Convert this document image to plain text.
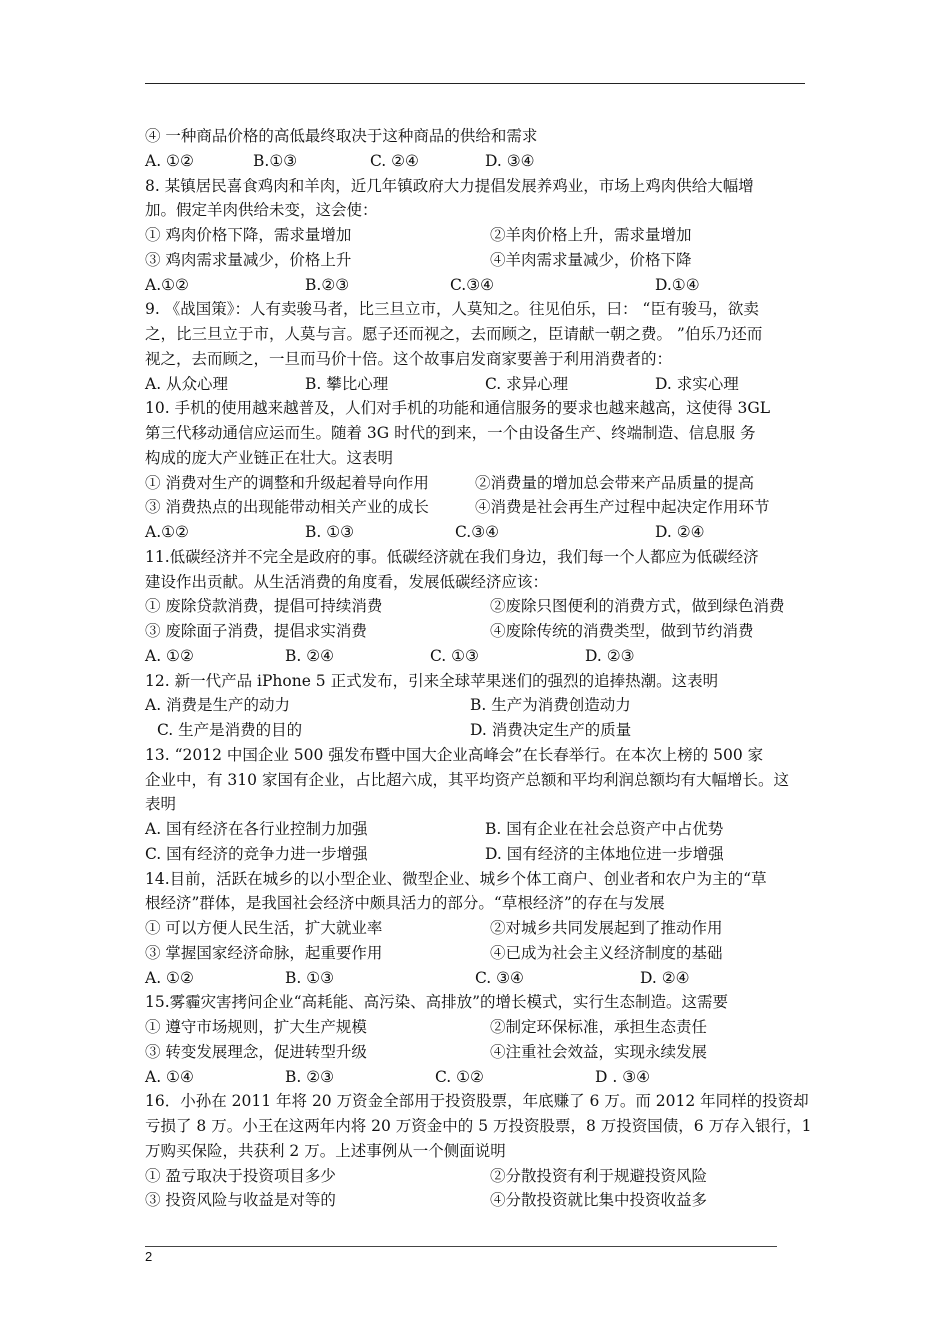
④ 一种商品价格的高低最终取决于这种商品的供给和需求
A. ①②	B.①③	C. ②④	D. ③④
8. 某镇居民喜食鸡肉和羊肉，近几年镇政府大力提倡发展养鸡业，市场上鸡肉供给大幅增
加。假定羊肉供给未变，这会使：
① 鸡肉价格下降，需求量增加	②羊肉价格上升，需求量增加
③ 鸡肉需求量减少，价格上升	④羊肉需求量减少，价格下降
A.①②	B.②③	C.③④	D.①④
9. 《战国策》：人有卖骏马者，比三旦立市，人莫知之。往见伯乐，曰： “臣有骏马，欲卖
之，比三旦立于市，人莫与言。愿子还而视之，去而顾之，臣请献一朝之费。 ”伯乐乃还而
视之，去而顾之，一旦而马价十倍。这个故事启发商家要善于利用消费者的：
A. 从众心理	B. 攀比心理	C. 求异心理	D. 求实心理
10. 手机的使用越来越普及，人们对手机的功能和通信服务的要求也越来越高，这使得 3GL
第三代移动通信应运而生。随着 3G 时代的到来，一个由设备生产、终端制造、信息服 务
构成的庞大产业链正在壮大。这表明
① 消费对生产的调整和升级起着导向作用	②消费量的增加总会带来产品质量的提高
③ 消费热点的出现能带动相关产业的成长	④消费是社会再生产过程中起决定作用环节
A.①②	B. ①③	C.③④	D. ②④
11.低碳经济并不完全是政府的事。低碳经济就在我们身边，我们每一个人都应为低碳经济
建设作出贡献。从生活消费的角度看，发展低碳经济应该：
① 废除贷款消费，提倡可持续消费	②废除只图便利的消费方式，做到绿色消费
③ 废除面子消费，提倡求实消费	④废除传统的消费类型，做到节约消费
A. ①②	B. ②④	C. ①③	D. ②③
12. 新一代产品 iPhone 5 正式发布，引来全球苹果迷们的强烈的追捧热潮。这表明
A. 消费是生产的动力	B. 生产为消费创造动力
C. 生产是消费的目的	D. 消费决定生产的质量
13. “2012 中国企业 500 强发布暨中国大企业高峰会”在长春举行。在本次上榜的 500 家
企业中，有 310 家国有企业，占比超六成，其平均资产总额和平均利润总额均有大幅增长。这
表明
A. 国有经济在各行业控制力加强	B. 国有企业在社会总资产中占优势
C. 国有经济的竞争力进一步增强	D. 国有经济的主体地位进一步增强
14.目前，活跃在城乡的以小型企业、微型企业、城乡个体工商户、创业者和农户为主的“草
根经济”群体，是我国社会经济中颇具活力的部分。“草根经济”的存在与发展
① 可以方便人民生活，扩大就业率	②对城乡共同发展起到了推动作用
③ 掌握国家经济命脉，起重要作用	④已成为社会主义经济制度的基础
A. ①②	B. ①③	C. ③④	D. ②④
15.雾霾灾害拷问企业“高耗能、高污染、高排放”的增长模式，实行生态制造。这需要
① 遵守市场规则，扩大生产规模	②制定环保标准，承担生态责任
③ 转变发展理念，促进转型升级	④注重社会效益，实现永续发展
A. ①④	B. ②③	C. ①②	D . ③④
16．小孙在 2011 年将 20 万资金全部用于投资股票，年底赚了 6 万。而 2012 年同样的投资却
亏损了 8 万。小王在这两年内将 20 万资金中的 5 万投资股票，8 万投资国债，6 万存入银行，1
万购买保险，共获利 2 万。上述事例从一个侧面说明
① 盈亏取决于投资项目多少	②分散投资有利于规避投资风险
③ 投资风险与收益是对等的	④分散投资就比集中投资收益多
2
